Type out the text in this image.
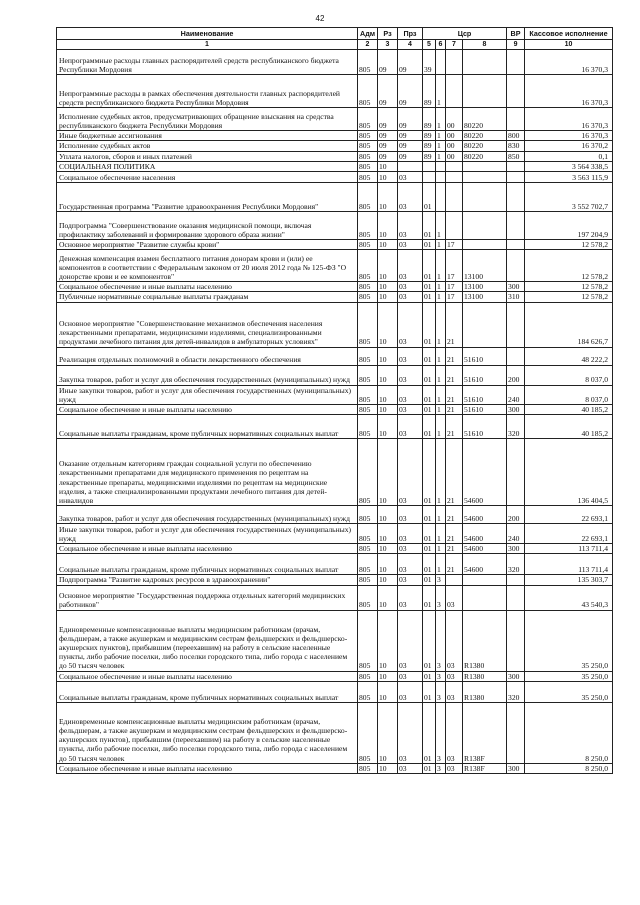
42
Наименование	Адм	Рз	Прз	Цср				ВР	Кассовое исполнение
1	2	3	4	5	6	7	8	9	10
Непрограммные расходы главных распорядителей средств республиканского бюджета Республики Мордовия	805	09	09	39					16 370,3
Непрограммные расходы в рамках обеспечения деятельности главных распорядителей средств республиканского бюджета Республики Мордовия	805	09	09	89	1				16 370,3
Исполнение судебных актов, предусматривающих обращение взыскания на средства республиканского бюджета Республики Мордовия	805	09	09	89	1	00	80220		16 370,3
Иные бюджетные ассигнования	805	09	09	89	1	00	80220	800	16 370,3
Исполнение судебных актов	805	09	09	89	1	00	80220	830	16 370,2
Уплата налогов, сборов и иных платежей	805	09	09	89	1	00	80220	850	0,1
СОЦИАЛЬНАЯ ПОЛИТИКА	805	10							3 564 338,5
Социальное обеспечение населения	805	10	03						3 563 115,9
Государственная программа "Развитие здравоохранения Республики Мордовия"	805	10	03	01					3 552 702,7
Подпрограмма "Совершенствование оказания медицинской помощи, включая профилактику заболеваний и формирование здорового образа жизни"	805	10	03	01	1				197 204,9
Основное мероприятие "Развитие службы крови"	805	10	03	01	1	17			12 578,2
Денежная компенсация взамен бесплатного питания донорам крови и (или) ее компонентов в соответствии с Федеральным законом от 20 июля 2012 года № 125-ФЗ "О донорстве крови и ее компонентов"	805	10	03	01	1	17	13100		12 578,2
Социальное обеспечение и иные выплаты населению	805	10	03	01	1	17	13100	300	12 578,2
Публичные нормативные социальные выплаты гражданам	805	10	03	01	1	17	13100	310	12 578,2
Основное мероприятие "Совершенствование механизмов обеспечения населения лекарственными препаратами, медицинскими изделиями, специализированными продуктами лечебного питания для детей-инвалидов в амбулаторных условиях"	805	10	03	01	1	21			184 626,7
Реализация отдельных полномочий в области лекарственного обеспечения	805	10	03	01	1	21	51610		48 222,2
Закупка товаров, работ и услуг для обеспечения государственных (муниципальных) нужд	805	10	03	01	1	21	51610	200	8 037,0
Иные закупки товаров, работ и услуг для обеспечения государственных (муниципальных) нужд	805	10	03	01	1	21	51610	240	8 037,0
Социальное обеспечение и иные выплаты населению	805	10	03	01	1	21	51610	300	40 185,2
Социальные выплаты гражданам, кроме публичных нормативных социальных выплат	805	10	03	01	1	21	51610	320	40 185,2
Оказание отдельным категориям граждан социальной услуги по обеспечению лекарственными препаратами для медицинского применения по рецептам на лекарственные препараты, медицинскими изделиями по рецептам на медицинские изделия, а также специализированными продуктами лечебного питания для детей-инвалидов	805	10	03	01	1	21	54600		136 404,5
Закупка товаров, работ и услуг для обеспечения государственных (муниципальных) нужд	805	10	03	01	1	21	54600	200	22 693,1
Иные закупки товаров, работ и услуг для обеспечения государственных (муниципальных) нужд	805	10	03	01	1	21	54600	240	22 693,1
Социальное обеспечение и иные выплаты населению	805	10	03	01	1	21	54600	300	113 711,4
Социальные выплаты гражданам, кроме публичных нормативных социальных выплат	805	10	03	01	1	21	54600	320	113 711,4
Подпрограмма "Развитие кадровых ресурсов в здравоохранении"	805	10	03	01	3				135 303,7
Основное мероприятие "Государственная поддержка отдельных категорий медицинских работников"	805	10	03	01	3	03			43 540,3
Единовременные компенсационные выплаты медицинским работникам (врачам, фельдшерам, а также акушеркам и медицинским сестрам фельдшерских и фельдшерско-акушерских пунктов), прибывшим (переехавшим) на работу в сельские населенные пункты, либо рабочие поселки, либо поселки городского типа, либо города с населением до 50 тысяч человек	805	10	03	01	3	03	R1380		35 250,0
Социальное обеспечение и иные выплаты населению	805	10	03	01	3	03	R1380	300	35 250,0
Социальные выплаты гражданам, кроме публичных нормативных социальных выплат	805	10	03	01	3	03	R1380	320	35 250,0
Единовременные компенсационные выплаты медицинским работникам (врачам, фельдшерам, а также акушеркам и медицинским сестрам фельдшерских и фельдшерско-акушерских пунктов), прибывшим (переехавшим) на работу в сельские населенные пункты, либо рабочие поселки, либо поселки городского типа, либо города с населением до 50 тысяч человек	805	10	03	01	3	03	R138F		8 250,0
Социальное обеспечение и иные выплаты населению	805	10	03	01	3	03	R138F	300	8 250,0
